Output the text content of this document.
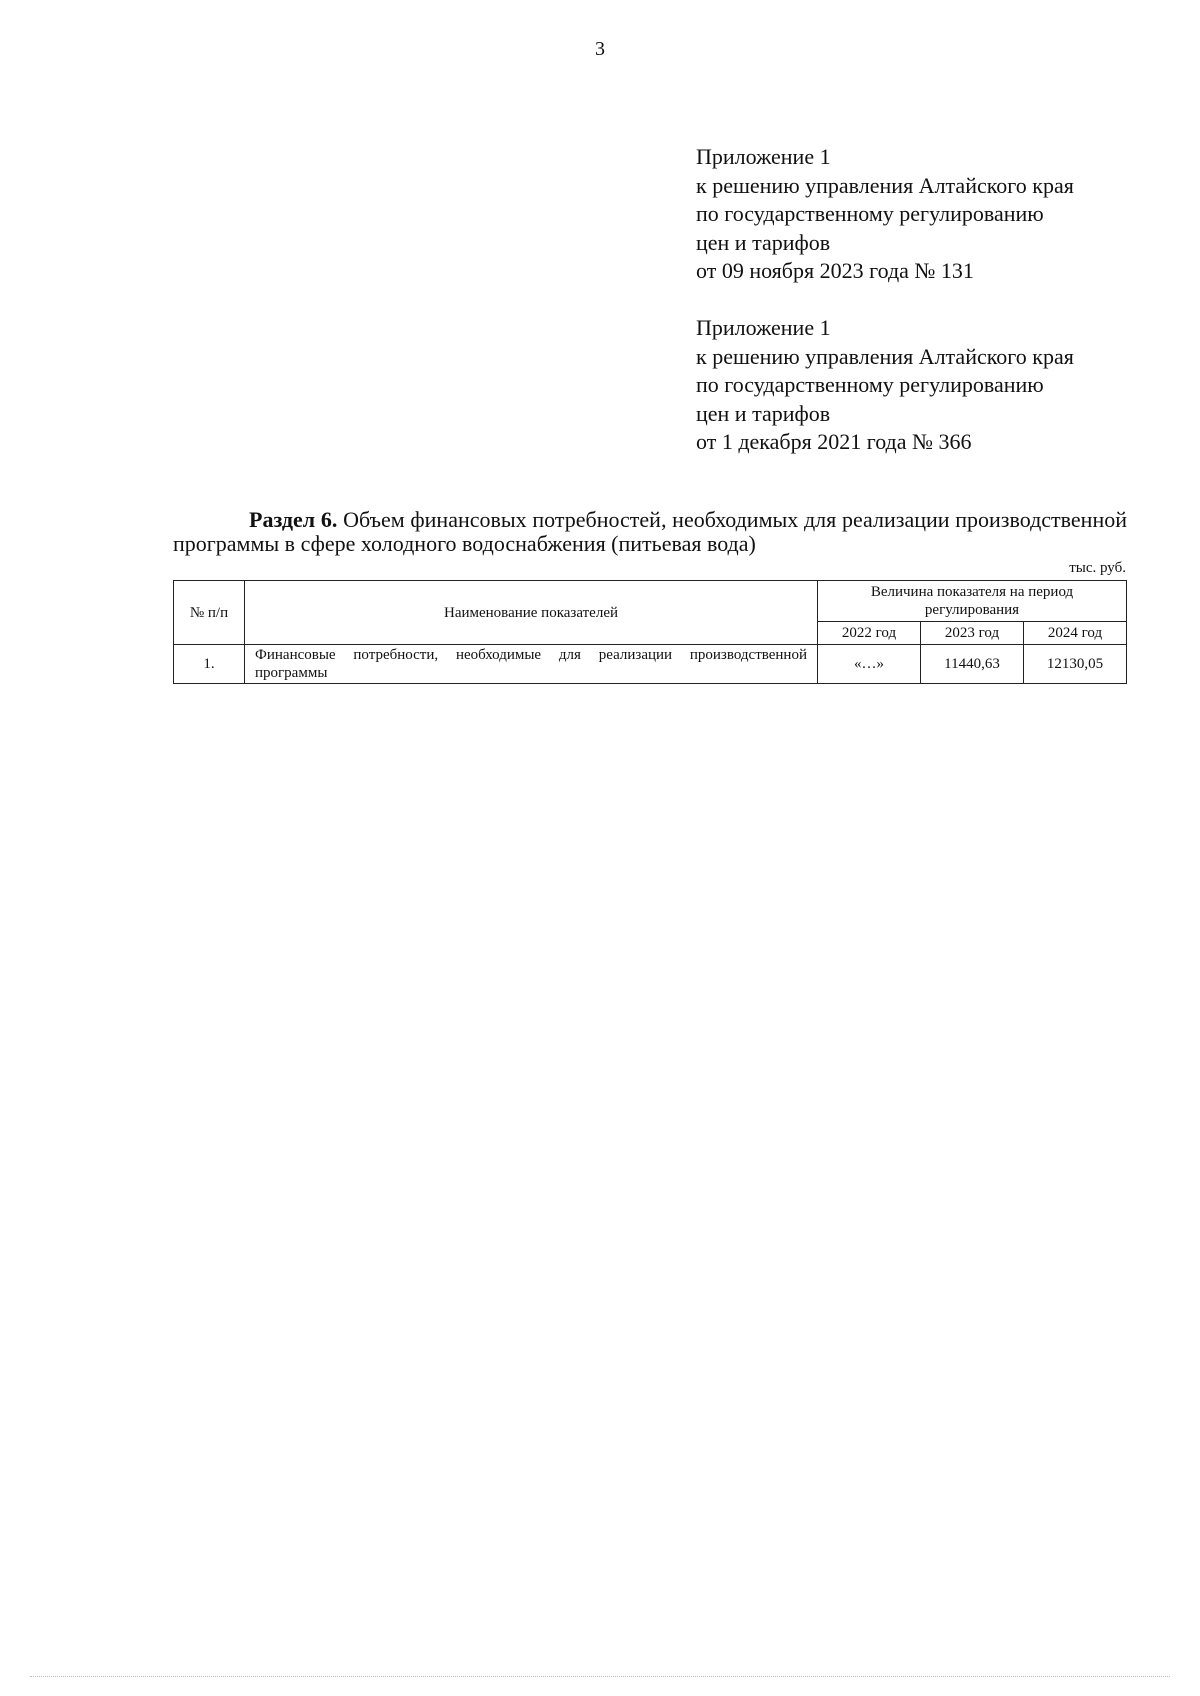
3
Приложение 1
к решению управления Алтайского края
по государственному регулированию
цен и тарифов
от 09 ноября 2023 года № 131
Приложение 1
к решению управления Алтайского края
по государственному регулированию
цен и тарифов
от 1 декабря 2021 года № 366
Раздел 6. Объем финансовых потребностей, необходимых для реализации производственной программы в сфере холодного водоснабжения (питьевая вода)
тыс. руб.
№ п/п	Наименование показателей	Величина показателя на период регулирования		
		2022 год	2023 год	2024 год
1.	Финансовые потребности, необходимые для реализации производственной программы	«…»	11440,63	12130,05
